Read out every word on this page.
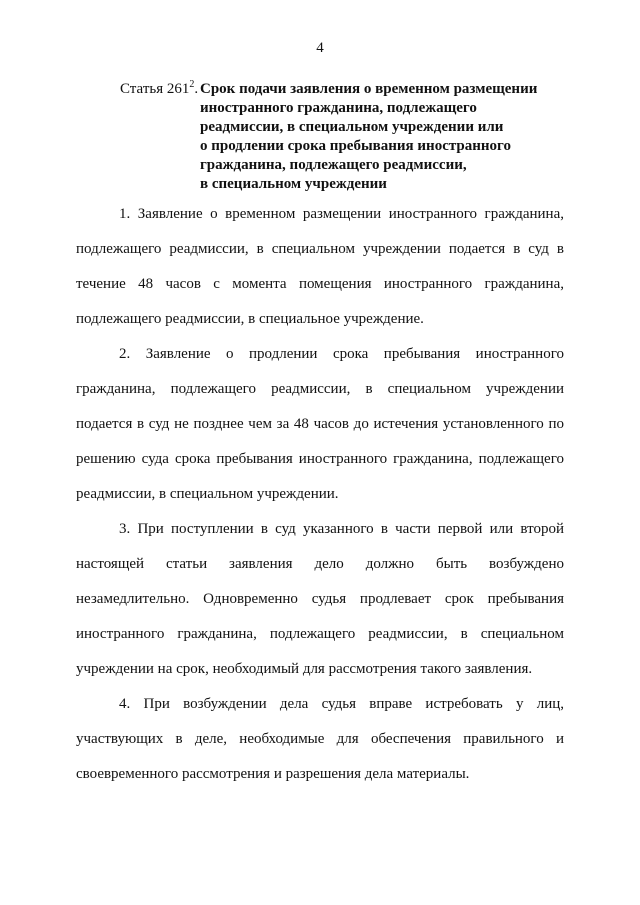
4
Статья $261^2$. Срок подачи заявления о временном размещении
иностранного гражданина, подлежащего
реадмиссии, в специальном учреждении или
о продлении срока пребывания иностранного
гражданина, подлежащего реадмиссии,
в специальном учреждении

1. Заявление о временном размещении иностранного гражданина, подлежащего реадмиссии, в специальном учреждении подается в суд в течение 48 часов с момента помещения иностранного гражданина, подлежащего реадмиссии, в специальное учреждение.

2. Заявление о продлении срока пребывания иностранного гражданина, подлежащего реадмиссии, в специальном учреждении подается в суд не позднее чем за 48 часов до истечения установленного по решению суда срока пребывания иностранного гражданина, подлежащего реадмиссии, в специальном учреждении.

3. При поступлении в суд указанного в части первой или второй настоящей статьи заявления дело должно быть возбуждено незамедлительно. Одновременно судья продлевает срок пребывания иностранного гражданина, подлежащего реадмиссии, в специальном учреждении на срок, необходимый для рассмотрения такого заявления.

4. При возбуждении дела судья вправе истребовать у лиц, участвующих в деле, необходимые для обеспечения правильного и своевременного рассмотрения и разрешения дела материалы.
